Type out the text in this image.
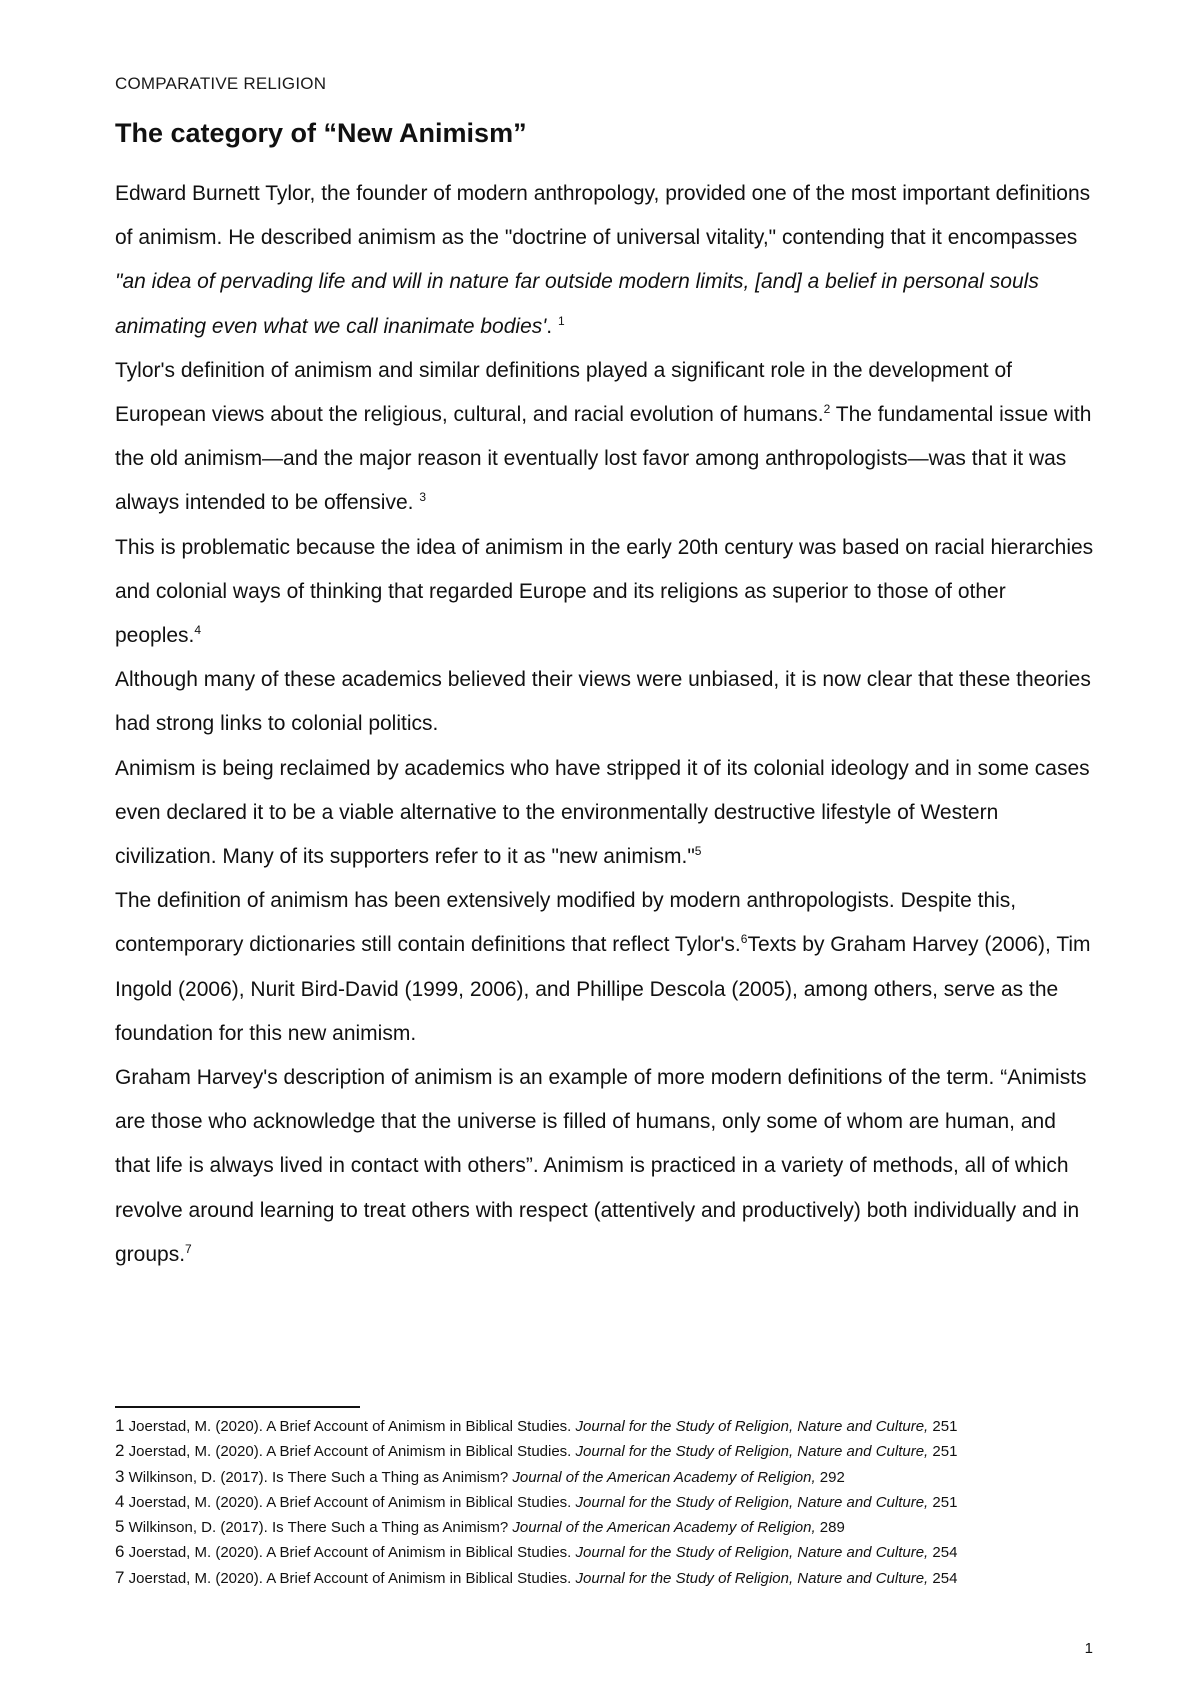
COMPARATIVE RELIGION
The category of “New Animism”

Edward Burnett Tylor, the founder of modern anthropology, provided one of the most important definitions of animism. He described animism as the "doctrine of universal vitality," contending that it encompasses "an idea of pervading life and will in nature far outside modern limits, [and] a belief in personal souls animating even what we call inanimate bodies'. $^1$

Tylor's definition of animism and similar definitions played a significant role in the development of European views about the religious, cultural, and racial evolution of humans.$^2$ The fundamental issue with the old animism—and the major reason it eventually lost favor among anthropologists—was that it was always intended to be offensive. $^3$

This is problematic because the idea of animism in the early 20th century was based on racial hierarchies and colonial ways of thinking that regarded Europe and its religions as superior to those of other peoples.$^4$

Although many of these academics believed their views were unbiased, it is now clear that these theories had strong links to colonial politics.

Animism is being reclaimed by academics who have stripped it of its colonial ideology and in some cases even declared it to be a viable alternative to the environmentally destructive lifestyle of Western civilization. Many of its supporters refer to it as "new animism."$^5$

The definition of animism has been extensively modified by modern anthropologists. Despite this, contemporary dictionaries still contain definitions that reflect Tylor's.$^6$Texts by Graham Harvey (2006), Tim Ingold (2006), Nurit Bird-David (1999, 2006), and Phillipe Descola (2005), among others, serve as the foundation for this new animism.

Graham Harvey's description of animism is an example of more modern definitions of the term. “Animists are those who acknowledge that the universe is filled of humans, only some of whom are human, and that life is always lived in contact with others”. Animism is practiced in a variety of methods, all of which revolve around learning to treat others with respect (attentively and productively) both individually and in groups.$^7$

1 Joerstad, M. (2020). A Brief Account of Animism in Biblical Studies. Journal for the Study of Religion, Nature and Culture, 251
2 Joerstad, M. (2020). A Brief Account of Animism in Biblical Studies. Journal for the Study of Religion, Nature and Culture, 251
3 Wilkinson, D. (2017). Is There Such a Thing as Animism? Journal of the American Academy of Religion, 292
4 Joerstad, M. (2020). A Brief Account of Animism in Biblical Studies. Journal for the Study of Religion, Nature and Culture, 251
5 Wilkinson, D. (2017). Is There Such a Thing as Animism? Journal of the American Academy of Religion, 289
6 Joerstad, M. (2020). A Brief Account of Animism in Biblical Studies. Journal for the Study of Religion, Nature and Culture, 254
7 Joerstad, M. (2020). A Brief Account of Animism in Biblical Studies. Journal for the Study of Religion, Nature and Culture, 254
1
